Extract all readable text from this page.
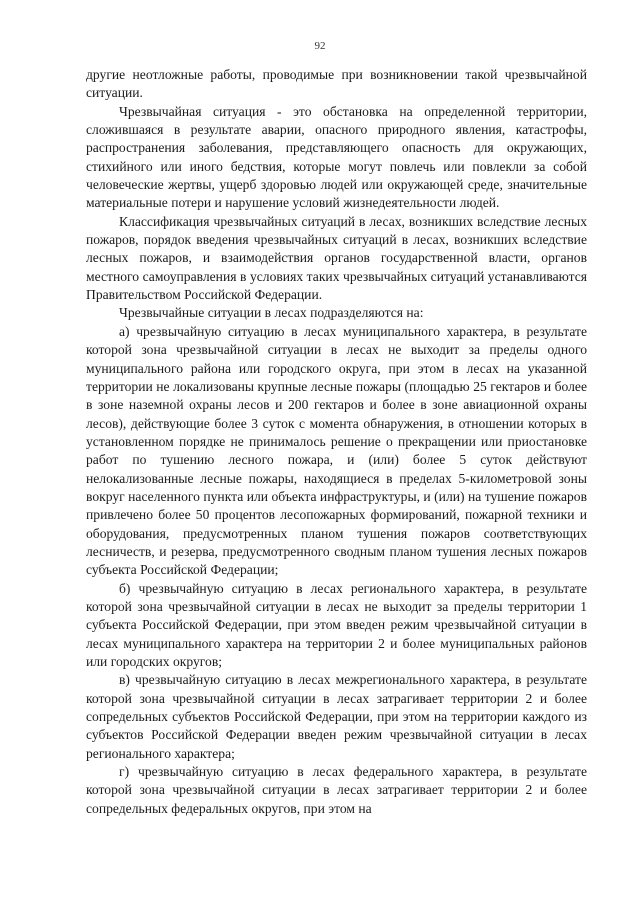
92

другие неотложные работы, проводимые при возникновении такой чрезвычайной ситуации.

Чрезвычайная ситуация - это обстановка на определенной территории, сложившаяся в результате аварии, опасного природного явления, катастрофы, распространения заболевания, представляющего опасность для окружающих, стихийного или иного бедствия, которые могут повлечь или повлекли за собой человеческие жертвы, ущерб здоровью людей или окружающей среде, значительные материальные потери и нарушение условий жизнедеятельности людей.

Классификация чрезвычайных ситуаций в лесах, возникших вследствие лесных пожаров, порядок введения чрезвычайных ситуаций в лесах, возникших вследствие лесных пожаров, и взаимодействия органов государственной власти, органов местного самоуправления в условиях таких чрезвычайных ситуаций устанавливаются Правительством Российской Федерации.

Чрезвычайные ситуации в лесах подразделяются на:

а) чрезвычайную ситуацию в лесах муниципального характера, в результате которой зона чрезвычайной ситуации в лесах не выходит за пределы одного муниципального района или городского округа, при этом в лесах на указанной территории не локализованы крупные лесные пожары (площадью 25 гектаров и более в зоне наземной охраны лесов и 200 гектаров и более в зоне авиационной охраны лесов), действующие более 3 суток с момента обнаружения, в отношении которых в установленном порядке не принималось решение о прекращении или приостановке работ по тушению лесного пожара, и (или) более 5 суток действуют нелокализованные лесные пожары, находящиеся в пределах 5-километровой зоны вокруг населенного пункта или объекта инфраструктуры, и (или) на тушение пожаров привлечено более 50 процентов лесопожарных формирований, пожарной техники и оборудования, предусмотренных планом тушения пожаров соответствующих лесничеств, и резерва, предусмотренного сводным планом тушения лесных пожаров субъекта Российской Федерации;

б) чрезвычайную ситуацию в лесах регионального характера, в результате которой зона чрезвычайной ситуации в лесах не выходит за пределы территории 1 субъекта Российской Федерации, при этом введен режим чрезвычайной ситуации в лесах муниципального характера на территории 2 и более муниципальных районов или городских округов;

в) чрезвычайную ситуацию в лесах межрегионального характера, в результате которой зона чрезвычайной ситуации в лесах затрагивает территории 2 и более сопредельных субъектов Российской Федерации, при этом на территории каждого из субъектов Российской Федерации введен режим чрезвычайной ситуации в лесах регионального характера;

г) чрезвычайную ситуацию в лесах федерального характера, в результате которой зона чрезвычайной ситуации в лесах затрагивает территории 2 и более сопредельных федеральных округов, при этом на
